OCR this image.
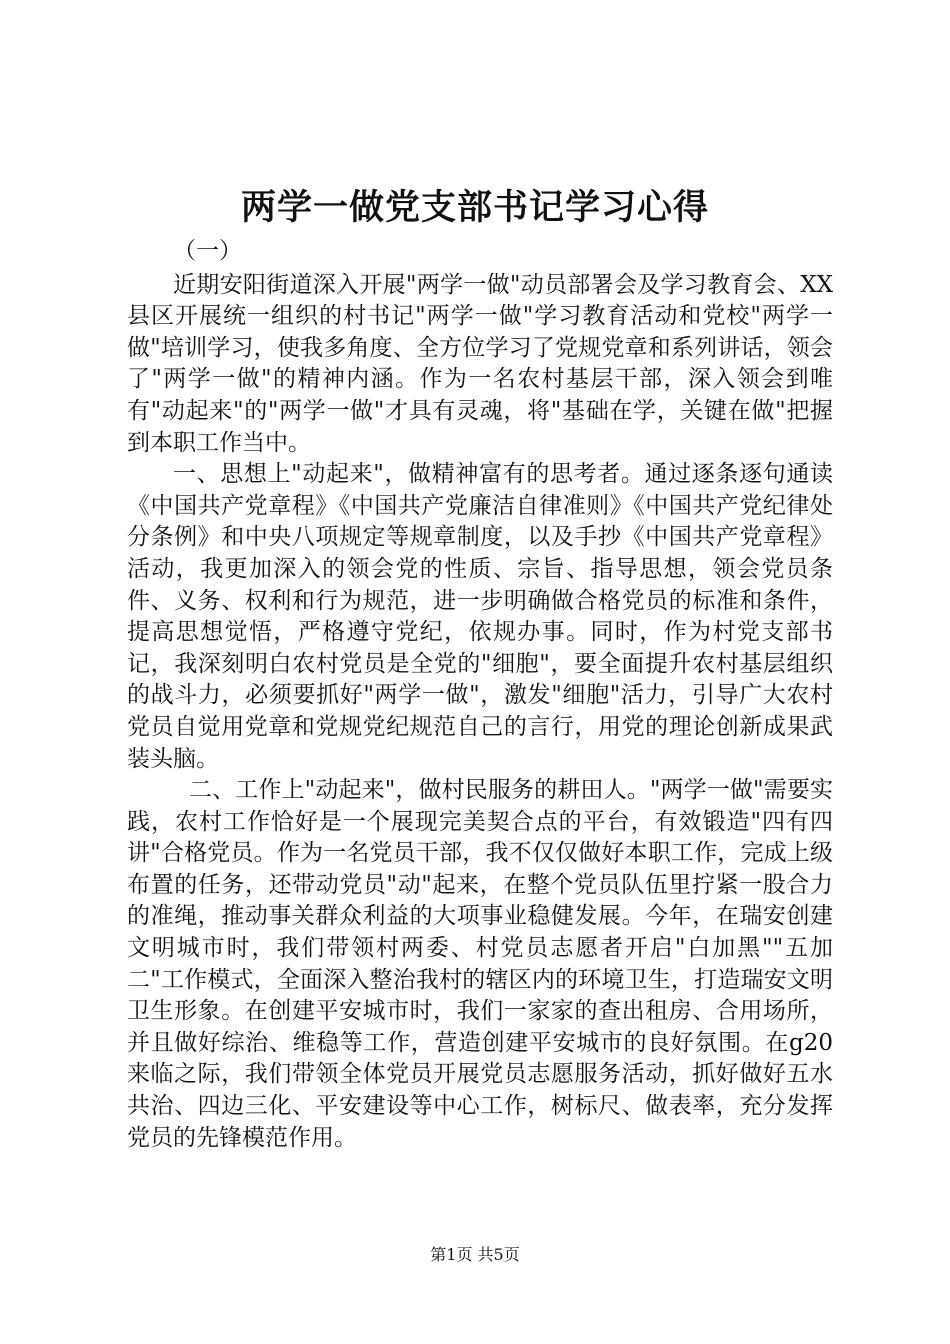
两学一做党支部书记学习心得

（一）

近期安阳街道深入开展"两学一做"动员部署会及学习教育会、XX县区开展统一组织的村书记"两学一做"学习教育活动和党校"两学一做"培训学习，使我多角度、全方位学习了党规党章和系列讲话，领会了"两学一做"的精神内涵。作为一名农村基层干部，深入领会到唯有"动起来"的"两学一做"才具有灵魂，将"基础在学，关键在做"把握到本职工作当中。

一、思想上"动起来"，做精神富有的思考者。通过逐条逐句通读《中国共产党章程》《中国共产党廉洁自律准则》《中国共产党纪律处分条例》和中央八项规定等规章制度，以及手抄《中国共产党章程》活动，我更加深入的领会党的性质、宗旨、指导思想，领会党员条件、义务、权利和行为规范，进一步明确做合格党员的标准和条件，提高思想觉悟，严格遵守党纪，依规办事。同时，作为村党支部书记，我深刻明白农村党员是全党的"细胞"，要全面提升农村基层组织的战斗力，必须要抓好"两学一做"，激发"细胞"活力，引导广大农村党员自觉用党章和党规党纪规范自己的言行，用党的理论创新成果武装头脑。

二、工作上"动起来"，做村民服务的耕田人。"两学一做"需要实践，农村工作恰好是一个展现完美契合点的平台，有效锻造"四有四讲"合格党员。作为一名党员干部，我不仅仅做好本职工作，完成上级布置的任务，还带动党员"动"起来，在整个党员队伍里拧紧一股合力的准绳，推动事关群众利益的大项事业稳健发展。今年，在瑞安创建文明城市时，我们带领村两委、村党员志愿者开启"白加黑""五加二"工作模式，全面深入整治我村的辖区内的环境卫生，打造瑞安文明卫生形象。在创建平安城市时，我们一家家的查出租房、合用场所，并且做好综治、维稳等工作，营造创建平安城市的良好氛围。在g20来临之际，我们带领全体党员开展党员志愿服务活动，抓好做好五水共治、四边三化、平安建设等中心工作，树标尺、做表率，充分发挥党员的先锋模范作用。

第1页 共5页
